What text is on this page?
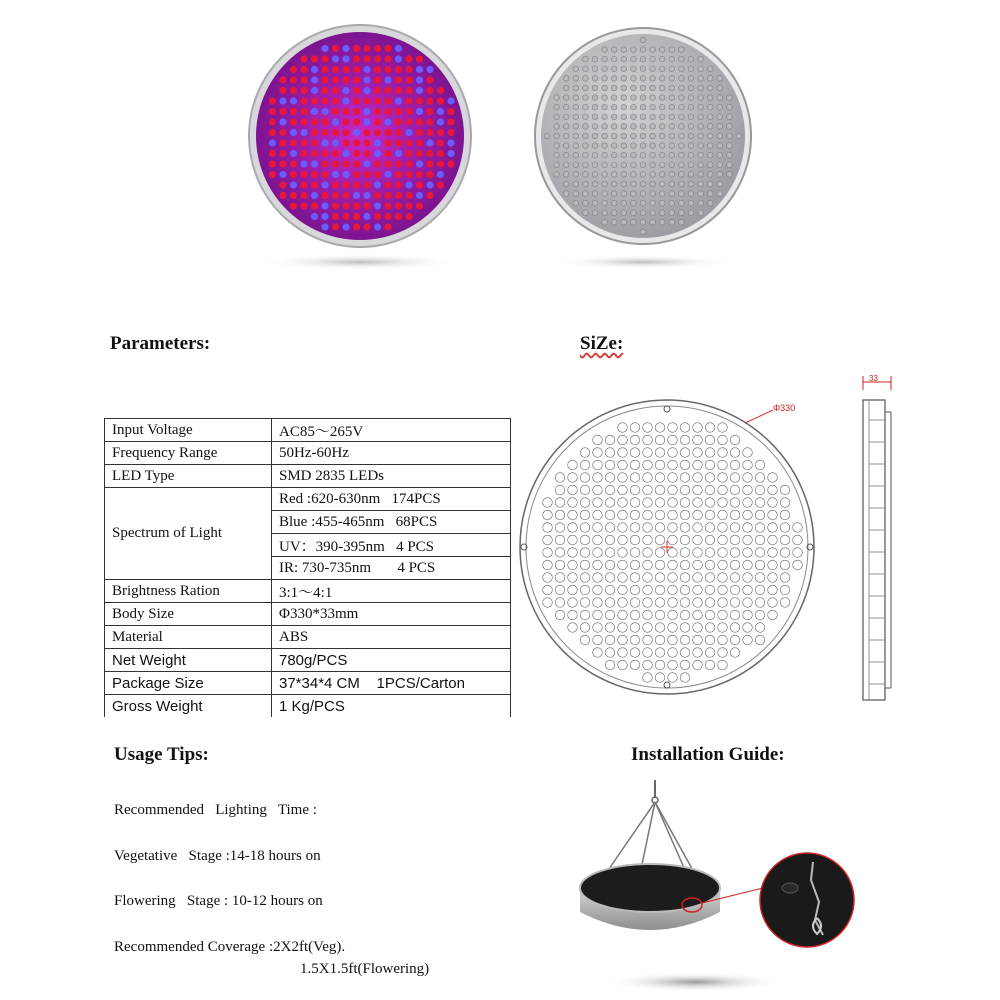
Parameters:	SiZe:
Input Voltage	AC85～265V
Frequency Range	50Hz-60Hz
LED Type	SMD 2835 LEDs
Spectrum of Light	Red :620-630nm   174PCS
	Blue :455-465nm   68PCS
	UV：390-395nm   4 PCS
	IR: 730-735nm       4 PCS
Brightness Ration	3:1～4:1
Body Size	Φ330*33mm
Material	ABS
Net Weight	780g/PCS
Package Size	37*34*4 CM    1PCS/Carton
Gross Weight	1 Kg/PCS
Φ330
33
Usage Tips:
Recommended   Lighting   Time :
Vegetative   Stage :14-18 hours on
Flowering   Stage : 10-12 hours on
Recommended Coverage :2X2ft(Veg).
1.5X1.5ft(Flowering)
Installation Guide:
